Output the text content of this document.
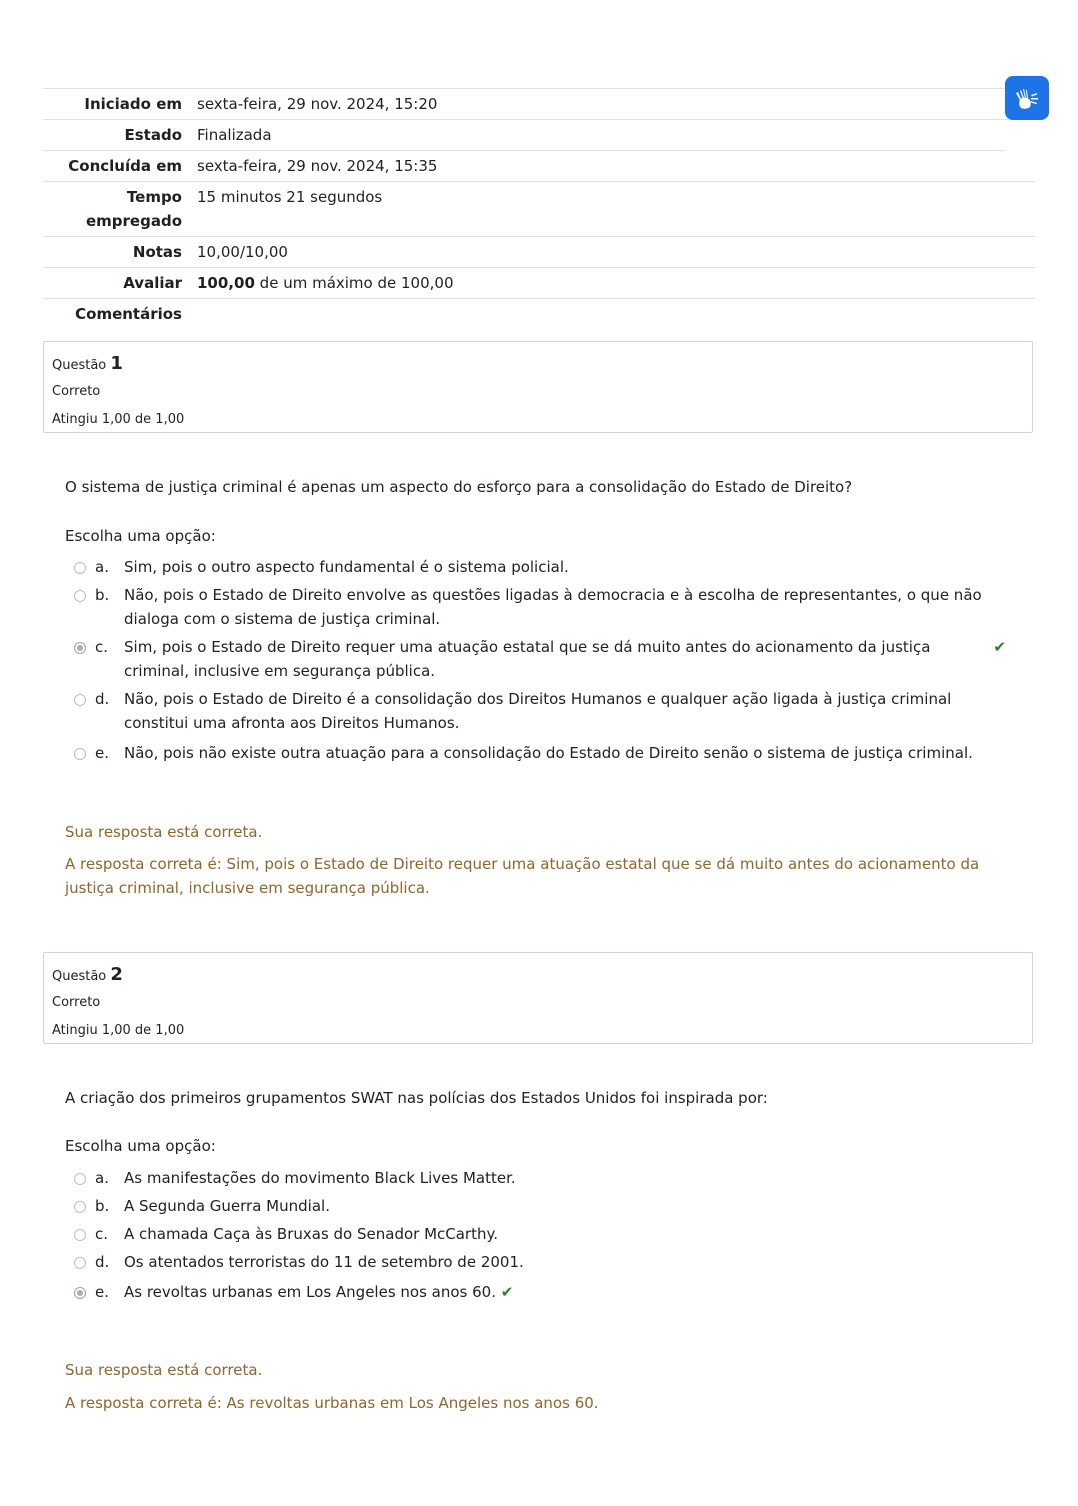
Iniciado em	sexta-feira, 29 nov. 2024, 15:20
Estado	Finalizada
Concluída em	sexta-feira, 29 nov. 2024, 15:35
Tempo empregado
15 minutos 21 segundos
Notas	10,00/10,00
Avaliar	100,00 de um máximo de 100,00
Comentários
Questão 1
Correto
Atingiu 1,00 de 1,00
O sistema de justiça criminal é apenas um aspecto do esforço para a consolidação do Estado de Direito?
Escolha uma opção:
a.	Sim, pois o outro aspecto fundamental é o sistema policial.
b. Não, pois o Estado de Direito envolve as questões ligadas à democracia e à escolha de representantes, o que não dialoga com o sistema de justiça criminal.
c.	Sim, pois o Estado de Direito requer uma atuação estatal que se dá muito antes do acionamento da justiça criminal, inclusive em segurança pública.
✔
d. Não, pois o Estado de Direito é a consolidação dos Direitos Humanos e qualquer ação ligada à justiça criminal constitui uma afronta aos Direitos Humanos.
e.	Não, pois não existe outra atuação para a consolidação do Estado de Direito senão o sistema de justiça criminal.
Sua resposta está correta.
A resposta correta é: Sim, pois o Estado de Direito requer uma atuação estatal que se dá muito antes do acionamento da justiça criminal, inclusive em segurança pública.
Questão 2
Correto
Atingiu 1,00 de 1,00
A criação dos primeiros grupamentos SWAT nas polícias dos Estados Unidos foi inspirada por:
Escolha uma opção:
a.	As manifestações do movimento Black Lives Matter.
b. A Segunda Guerra Mundial.
c.	A chamada Caça às Bruxas do Senador McCarthy.
d. Os atentados terroristas do 11 de setembro de 2001.
e.	As revoltas urbanas em Los Angeles nos anos 60. ✔
Sua resposta está correta.
A resposta correta é: As revoltas urbanas em Los Angeles nos anos 60.
